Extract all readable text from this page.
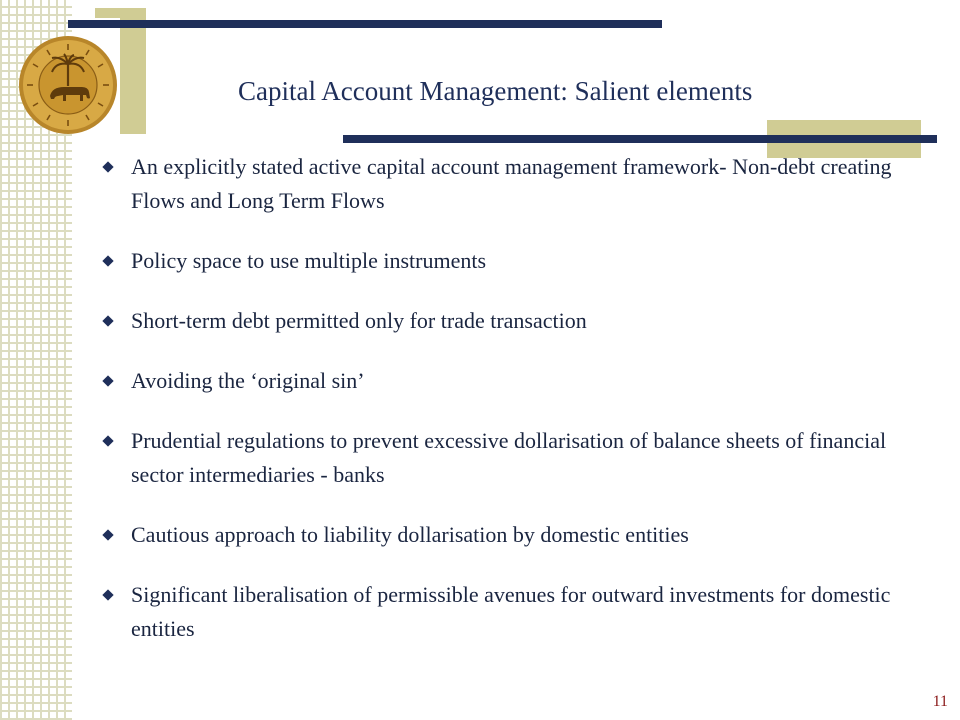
Capital Account Management: Salient elements
An explicitly stated active capital account management framework- Non-debt creating Flows and Long Term Flows
Policy space to use multiple instruments
Short-term debt permitted only for trade transaction
Avoiding the ‘original sin’
Prudential regulations to prevent excessive dollarisation of balance sheets of financial sector intermediaries - banks
Cautious approach to liability dollarisation by domestic entities
Significant liberalisation of permissible avenues for outward investments for domestic entities
11
